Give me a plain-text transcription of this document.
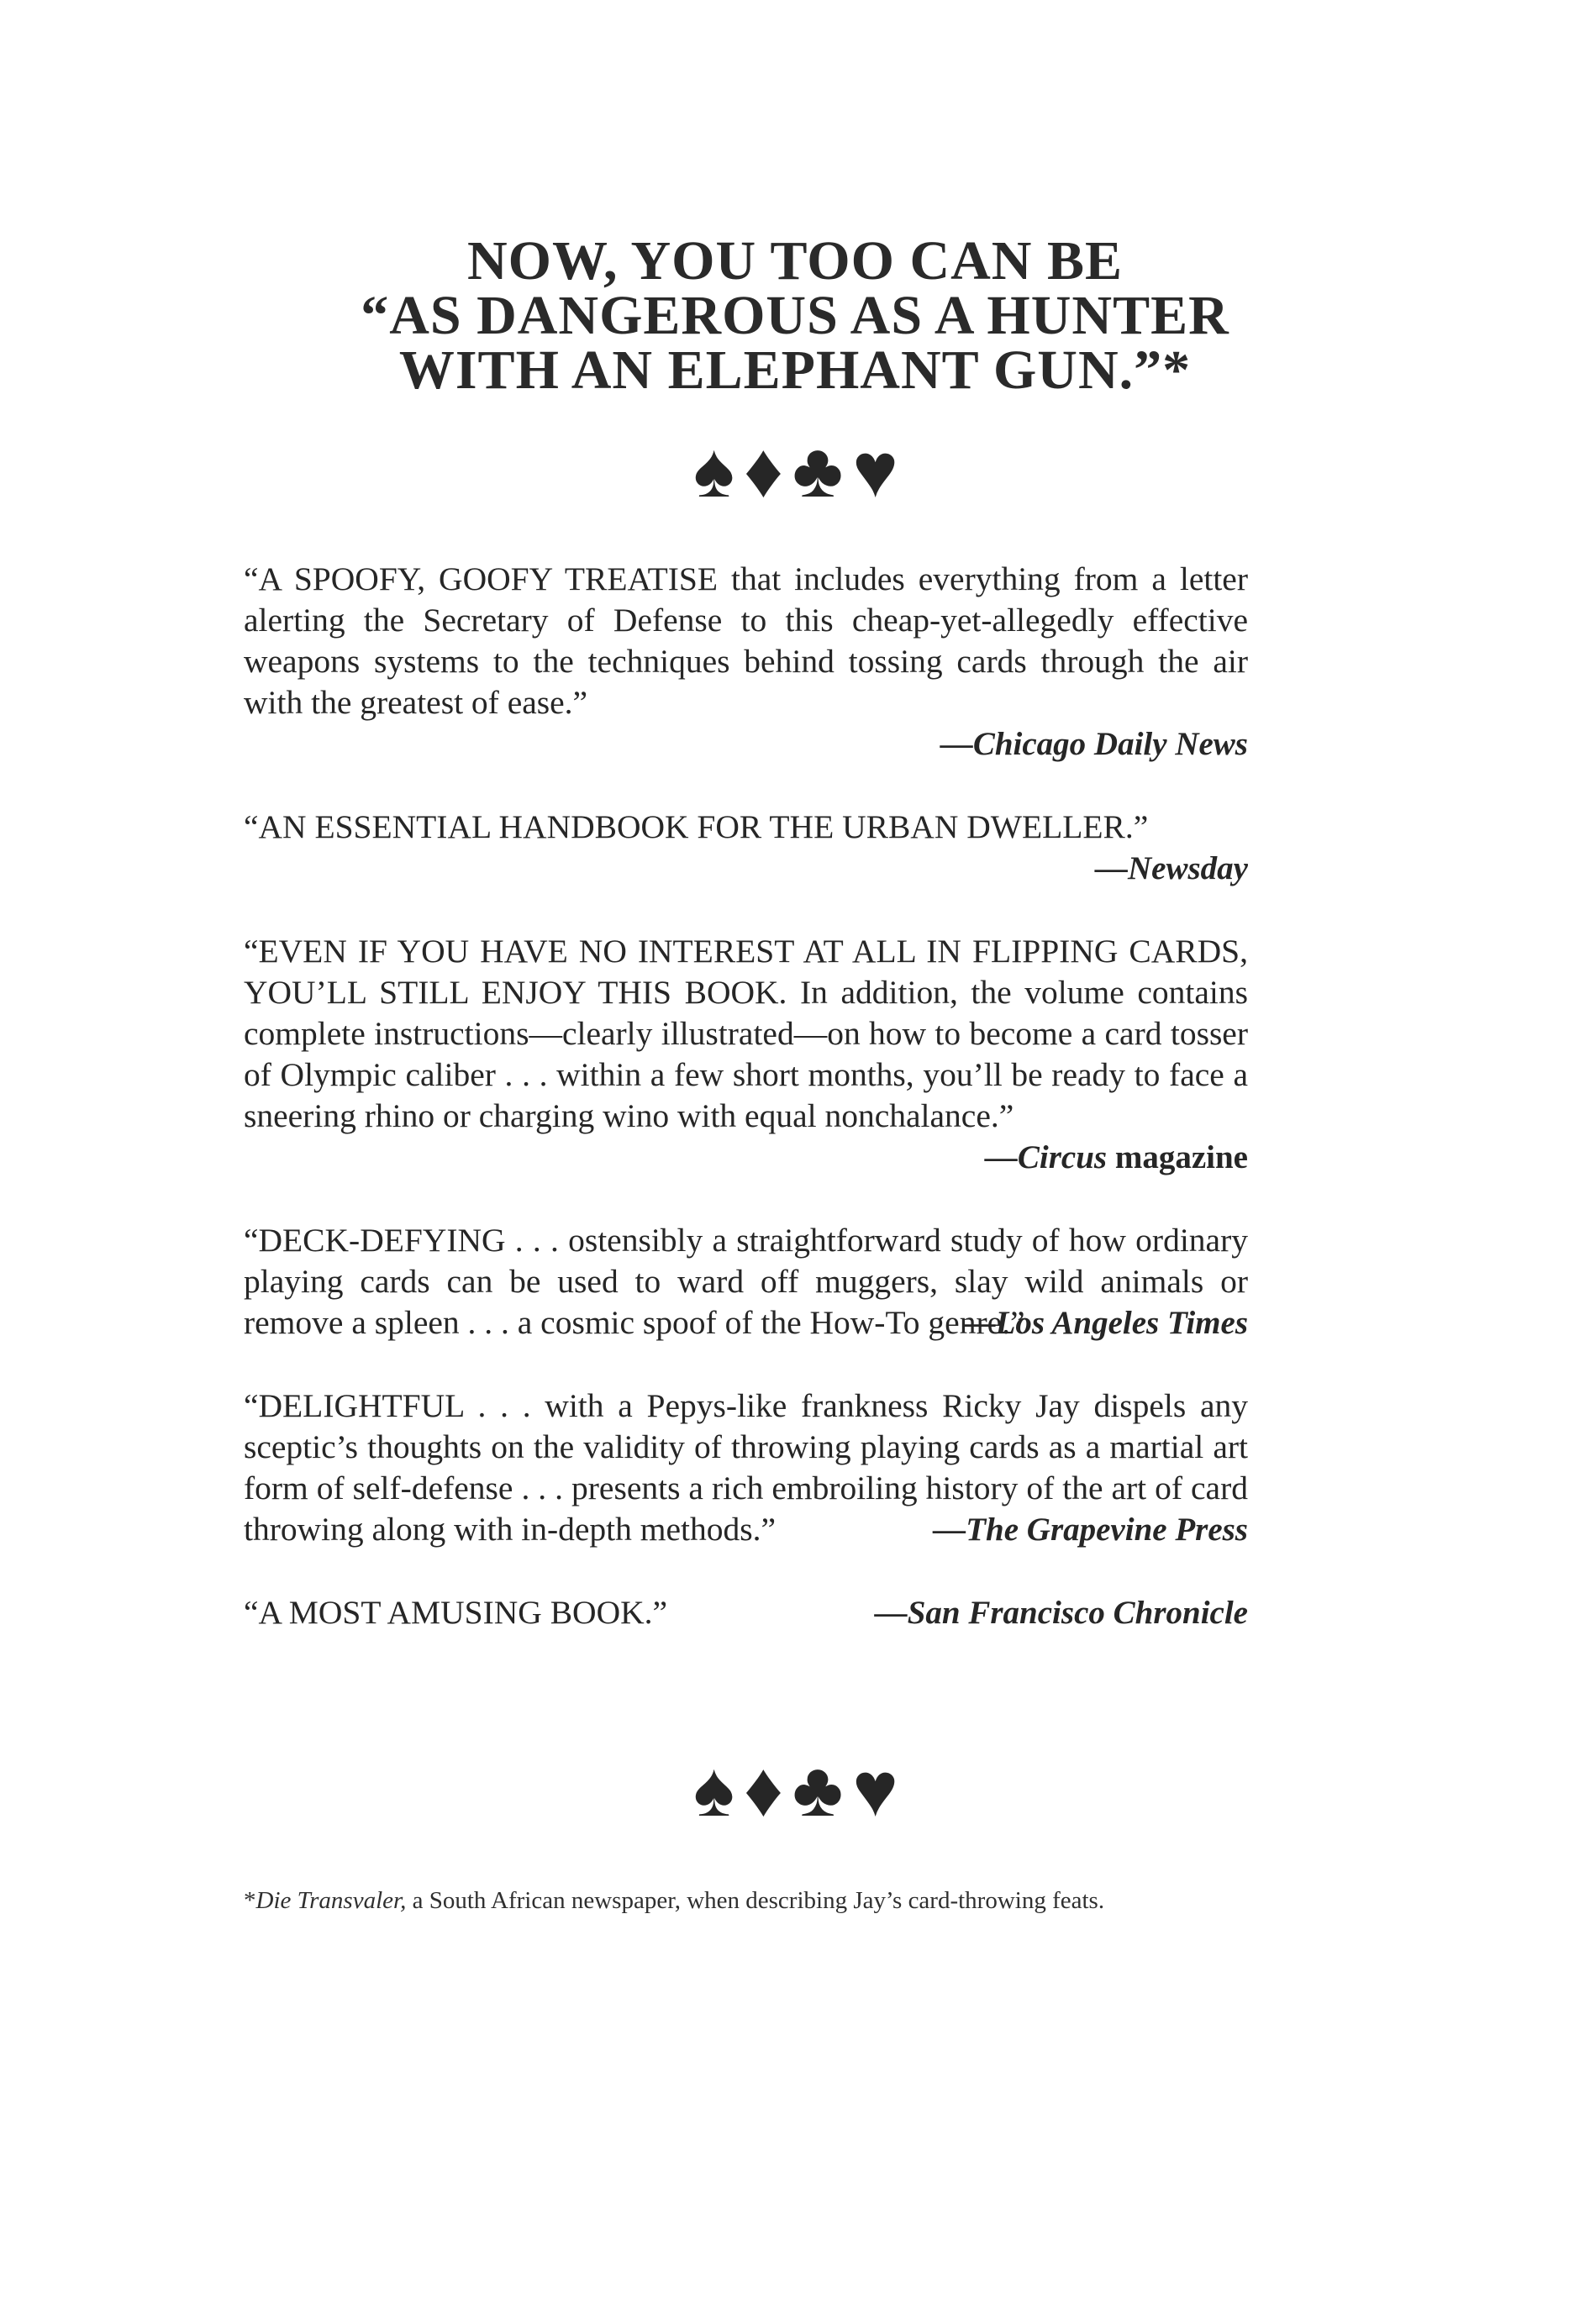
NOW, YOU TOO CAN BE
“AS DANGEROUS AS A HUNTER
WITH AN ELEPHANT GUN.”*
♠ ♦ ♣ ♥
“A SPOOFY, GOOFY TREATISE that includes everything from a letter alerting the Secretary of Defense to this cheap-yet-allegedly effective weapons systems to the techniques behind tossing cards through the air with the greatest of ease.”
—Chicago Daily News
“AN ESSENTIAL HANDBOOK FOR THE URBAN DWELLER.”
—Newsday
“EVEN IF YOU HAVE NO INTEREST AT ALL IN FLIPPING CARDS, YOU’LL STILL ENJOY THIS BOOK. In addition, the volume contains complete instructions—clearly illustrated—on how to become a card tosser of Olympic caliber . . . within a few short months, you’ll be ready to face a sneering rhino or charging wino with equal nonchalance.”
—Circus magazine
“DECK-DEFYING . . . ostensibly a straightforward study of how ordinary playing cards can be used to ward off muggers, slay wild animals or remove a spleen . . . a cosmic spoof of the How-To genre.”
—Los Angeles Times
“DELIGHTFUL . . . with a Pepys-like frankness Ricky Jay dispels any sceptic’s thoughts on the validity of throwing playing cards as a martial art form of self-defense . . . presents a rich embroiling history of the art of card throwing along with in-depth methods.”	—The Grapevine Press
“A MOST AMUSING BOOK.”	—San Francisco Chronicle
♠ ♦ ♣ ♥
*Die Transvaler, a South African newspaper, when describing Jay’s card-throwing feats.
